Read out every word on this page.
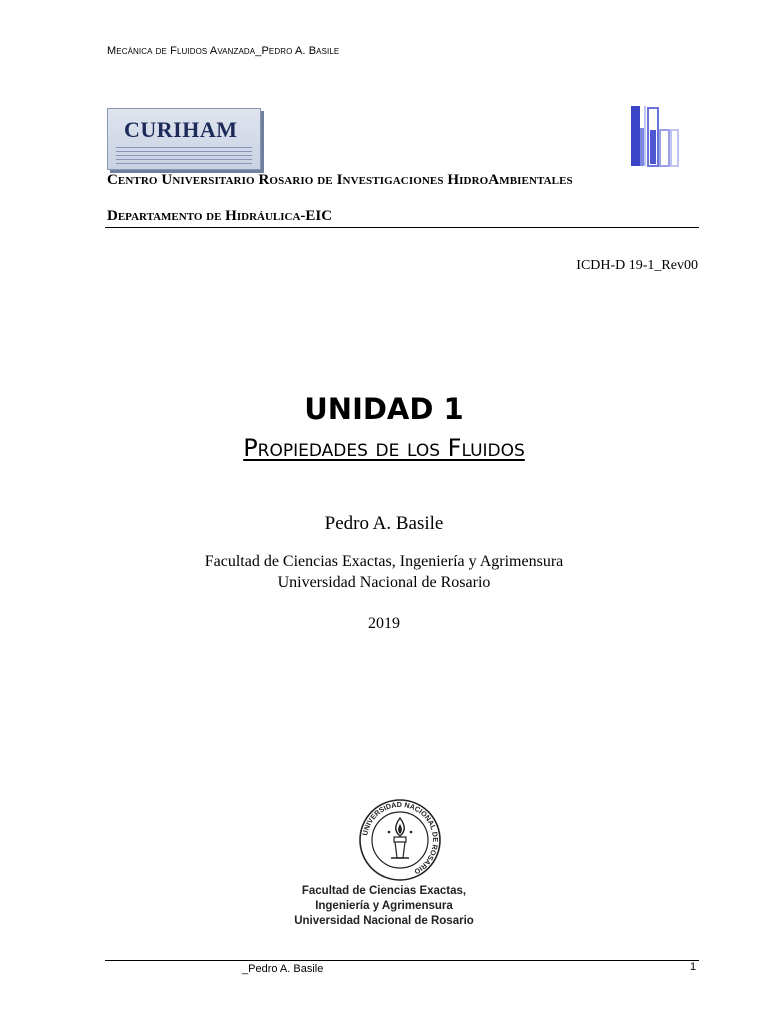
Mecánica de Fluidos Avanzada_Pedro A. Basile
CURIHAM
Centro Universitario Rosario de Investigaciones HidroAmbientales
Departamento de Hidráulica-EIC
ICDH-D 19-1_Rev00
UNIDAD 1
Propiedades de los Fluidos
Pedro A. Basile
Facultad de Ciencias Exactas, Ingeniería y Agrimensura
Universidad Nacional de Rosario
2019
UNIVERSIDAD NACIONAL DE ROSARIO
Facultad de Ciencias Exactas,
Ingeniería y Agrimensura
Universidad Nacional de Rosario
_Pedro A. Basile	1
